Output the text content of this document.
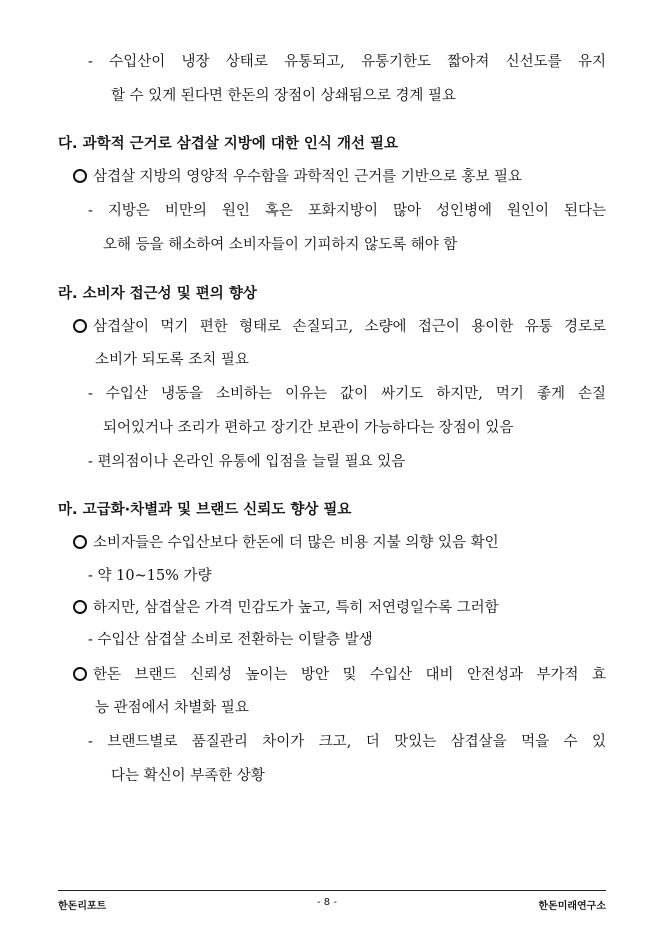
- 수입산이 냉장 상태로 유통되고, 유통기한도 짧아져 신선도를 유지
할 수 있게 된다면 한돈의 장점이 상쇄됨으로 경계 필요
다. 과학적 근거로 삼겹살 지방에 대한 인식 개선 필요
삼겹살 지방의 영양적 우수함을 과학적인 근거를 기반으로 홍보 필요
- 지방은 비만의 원인 혹은 포화지방이 많아 성인병에 원인이 된다는
오해 등을 해소하여 소비자들이 기피하지 않도록 해야 함
라. 소비자 접근성 및 편의 향상
삼겹살이 먹기 편한 형태로 손질되고, 소량에 접근이 용이한 유통 경로로
소비가 되도록 조치 필요
- 수입산 냉동을 소비하는 이유는 값이 싸기도 하지만, 먹기 좋게 손질
되어있거나 조리가 편하고 장기간 보관이 가능하다는 장점이 있음
- 편의점이나 온라인 유통에 입점을 늘릴 필요 있음
마. 고급화·차별과 및 브랜드 신뢰도 향상 필요
소비자들은 수입산보다 한돈에 더 많은 비용 지불 의향 있음 확인
- 약 10~15% 가량
하지만, 삼겹살은 가격 민감도가 높고, 특히 저연령일수록 그러함
- 수입산 삼겹살 소비로 전환하는 이탈층 발생
한돈 브랜드 신뢰성 높이는 방안 및 수입산 대비 안전성과 부가적 효
능 관점에서 차별화 필요
- 브랜드별로 품질관리 차이가 크고, 더 맛있는 삼겹살을 먹을 수 있
다는 확신이 부족한 상황
한돈리포트	- 8 -	한돈미래연구소
